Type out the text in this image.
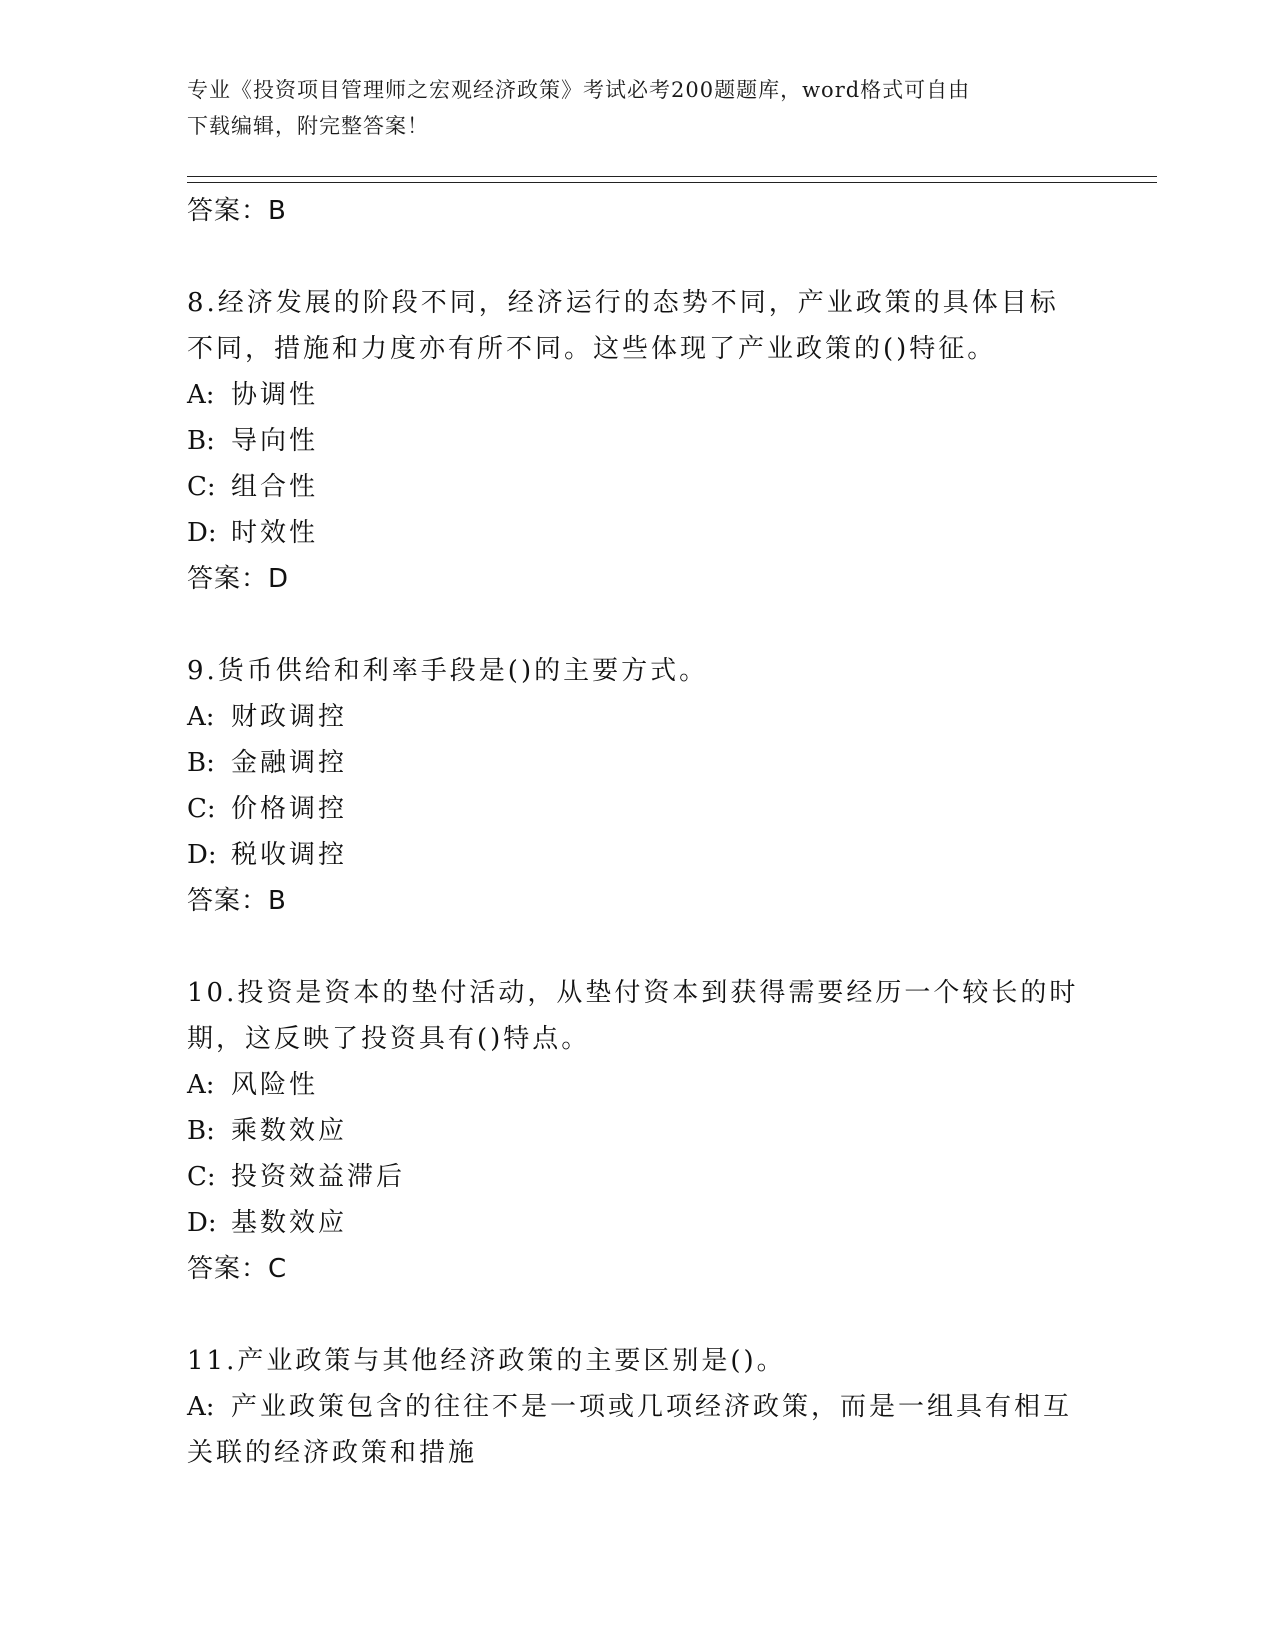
专业《投资项目管理师之宏观经济政策》考试必考200题题库，word格式可自由
下载编辑，附完整答案！
答案：B
8.经济发展的阶段不同，经济运行的态势不同，产业政策的具体目标
不同，措施和力度亦有所不同。这些体现了产业政策的()特征。
A: 协调性
B: 导向性
C: 组合性
D: 时效性
答案：D
9.货币供给和利率手段是()的主要方式。
A: 财政调控
B: 金融调控
C: 价格调控
D: 税收调控
答案：B
10.投资是资本的垫付活动，从垫付资本到获得需要经历一个较长的时
期，这反映了投资具有()特点。
A: 风险性
B: 乘数效应
C: 投资效益滞后
D: 基数效应
答案：C
11.产业政策与其他经济政策的主要区别是()。
A: 产业政策包含的往往不是一项或几项经济政策，而是一组具有相互
关联的经济政策和措施
